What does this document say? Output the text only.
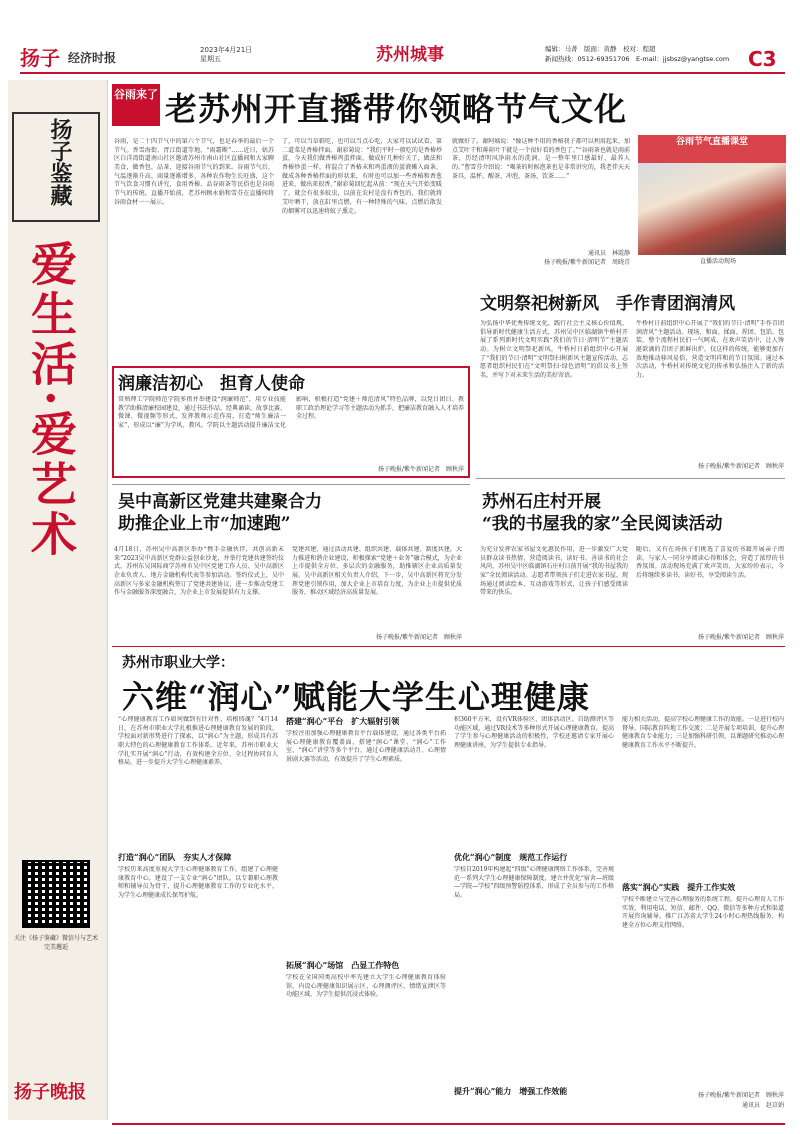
扬子 经济时报
2023年4月21日
星期五	苏州城事	编辑：马菁　版面：黄静　校对：程超
新闻热线：0512-69351706　E-mail：jjsbsz@yangtse.com C3
扬子鉴藏
爱生活·爱艺术
关注《扬子鉴藏》微信号与艺术完美邂逅
扬子晚报
谷雨来了 老苏州开直播带你领略节气文化
谷雨，是二十四节气中的第六个节气，也是春季的最后一个节气。香雪海街、胥江街道等地，“雨霜断”……近日，姑苏区白洋湾街道南山社区邀请苏州市南山社区直播间和大家聊美食，做香包，品茶，迎接谷雨节气的到来。谷雨节气后，气温逐渐升高，雨量逐渐增多，各种农作物生长旺盛，这个节气饮食习惯有讲究，食用香椿、品谷雨茶等民俗也是谷雨节气的传统。直播开始前，老苏州顾永娟和雪芬在直播间将谷雨食材一一展示。
了，可以当草鞋吃，也可以当点心吃，大家可以试试看。第二道菜是香椿拌面。谢彩菊说：“我们平时一般吃的是香椿炒蛋，今天我们做香椿鸡蛋拌面，做成好几种好关了，做法和香椿炒蛋一样，将混合了香椿末和鸡蛋液的蛋液摊入面条，做成各种香椿拌面的形状来，有时也可以加一些香椿和香葱进来，做出来很香。”谢彩菊回忆起从前：“现在天气开始变暖了，就会有很多蚊虫，以前在农村是没有香包的，我们就将艾叶晒干，放在缸里点燃，有一种特殊的气味，点燃后散发的烟雾可以迅速将蚊子熏走。
就做好了。谢阿姨说：“像这种不用的香椿我子都可以利用起来，加点艾叶干和薄荷叶干就是一个很好看的香包了。”“谷雨茶也就是雨前茶，历经清明风净雨水的洗润，是一整年里口感最好，最养人的。”曹雪芬介绍说：“喝茶的时候泡茶也是非常讲究的，我老伴天天茶具，温杯、醒茶、冲泡，茶汤，饮茶……”
通讯员　林霞静
扬子晚报/紫牛新闻记者　周晓青
谷雨节气直播课堂
直播活动现场
润廉洁初心　担育人使命
常熟理工学院师范学院多措并举建设“润廉师范”，用专业技能教学助推清廉校园建设，通过书法作品、经典诵读、故事比赛、微课、微视频等形式，发挥教师示范作用，打造“师生廉洁一家”，形成以“廉”为学风、教风。学院以主题活动提升廉洁文化影响，积极打造“党建＋师范清风”特色品牌，以党日团日、教职工政治理论学习等主题活动为抓手，把廉洁教育融入人才培养全过程。
扬子晚报/紫牛新闻记者　顾秋萍
文明祭祀树新风　手作青团润清风
为弘扬中华优秀传统文化，践行社会主义核心价值观，倡导新时代健康生活方式，苏州吴中区临湖镇牛桥村开展了系列新时代文明实践“我们的节日·清明节”主题活动。为树立文明祭祀新风，牛桥村日前组织中心开展了“我们的节日·清明”文明祭扫树新风主题宣传活动，志愿者组织村民们在“文明祭扫·绿色清明”的倡议书上签名，并写下对未来生活的美好寄语。
牛桥村日前组织中心开展了“我们的节日·清明”手作青团润清风”主题活动。现场，和面、揉面、捏团、包馅、包装，整个流程村民们一气呵成，在欢声笑语中，让人馋涎欲滴的青团子新鲜出炉。仅这样的传统，能够更加有效地推动移风易俗，营造文明祥和的节日氛围。通过本次活动，牛桥村对传统文化的传承和弘扬注入了新的活力。
扬子晚报/紫牛新闻记者　顾秋萍
吴中高新区党建共建聚合力
助推企业上市“加速跑”
4月18日，苏州吴中高新区举办“携手金融伙伴，共创高新未来”2023吴中高新区党群公益创业沙龙，并举行党建共建签约仪式。苏州东吴国际商学苏州市吴中区党建工作人员、吴中高新区企业负责人、地方金融机构代表等参加活动。签约仪式上，吴中高新区与多家金融机构签订了党建共建协议，进一步推动党建工作与金融服务深度融合，为企业上市发展提供有力支撑。
党建共建，通过活动共建、组织共建、载体共建、制度共建，大力推进和谐企业建设，积极探索“党建＋业务”融合模式，为企业上市提供全方位、多层次的金融服务，助推辖区企业高质量发展。吴中高新区相关负责人介绍，下一步，吴中高新区将充分发挥党建引领作用，加大企业上市培育力度，为企业上市提供优质服务，推动区域经济高质量发展。
扬子晚报/紫牛新闻记者　顾秋萍
苏州石庄村开展
“我的书屋我的家”全民阅读活动
为充分发挥农家书屋文化惠民作用，进一步激发广大党员群众读书热情，营造阅读书、读好书、善读书的社会风尚，苏州吴中区临湖镇石庄村日前开展“我的书屋我的家”全民阅读活动。志愿者带领孩子们走进农家书屋，现场通过阅读绘本、互动游戏等形式，让孩子们感受阅读带来的快乐。
随后，又有在场孩子们挑选了喜爱的书籍开展亲子阅读，与家人一同分享阅读心得和体会，营造了浓厚的书香氛围。活动现场充满了欢声笑语，大家纷纷表示，今后将继续多读书、读好书，享受阅读生活。
扬子晚报/紫牛新闻记者　顾秋萍
苏州市职业大学：
六维“润心”赋能大学生心理健康
“心理健康教育工作如何做到有针对性、培根铸魂？”4月14日，在苏州市职业大学扎根推进心理健康教育发展的阶段，学校面对新形势进行了探索，以“润心”为主题，形成具有苏职大特色的心理健康教育工作体系。近年来，苏州市职业大学扎实开展“润心”行动，有效构建全方位、全过程协同育人格局，进一步提升大学生心理健康素养。
打造“润心”团队　夯实人才保障
学校历来高度重视大学生心理健康教育工作，组建了心理健康教育中心，建设了一支专业“润心”团队，以专兼职心理教师和辅导员为骨干，提升心理健康教育工作的专业化水平，为学生心理健康成长保驾护航。
搭建“润心”平台　扩大辐射引领
学校注重加强心理健康教育平台载体建设，通过各类平台拓展心理健康教育覆盖面，搭建“润心”课堂、“润心”工作室、“润心”讲堂等多个平台，通过心理健康活动月、心理情景剧大赛等活动，有效提升了学生心理素质。
拓展“润心”场馆　凸显工作特色
学校在全国同类高校中率先建立大学生心理健康教育体验馆，内设心理健康知识展示区、心理测评区、情绪宣泄区等功能区域，为学生提供沉浸式体验。
积360平方米，设有VR体验区、团体活动区、自助测评区等功能区域，通过VR技术等多种形式开展心理健康教育，提高了学生参与心理健康活动的积极性，学校还邀请专家开展心理健康讲座，为学生提供专业指导。
优化“润心”制度　规范工作运行
学校自2019年构建起“四级”心理健康网络工作体系，完善规范一系列大学生心理健康保障制度，建立并优化“宿舍—班级—学院—学校”四级预警防控体系，形成了全员参与的工作格局。
提升“润心”能力　增强工作效能
能力相关活动，提高学校心理健康工作的效能。一是进行校内督导，国际教育阵地工作交流；二是开展专项培训，提升心理健康教育专业能力；三是加强科研引领，以课题研究推动心理健康教育工作水平不断提升。
落实“润心”实践　提升工作实效
学校不断建立与完善心理服务的系统工程，提升心理育人工作实效，利用电话、短信、邮件、QQ、微信等多种方式和渠道开展咨询辅导，推广江苏省大学生24小时心理热线服务，构建全方位心理支持网络。
扬子晚报/紫牛新闻记者　顾秋萍
通讯员　赵京娟
